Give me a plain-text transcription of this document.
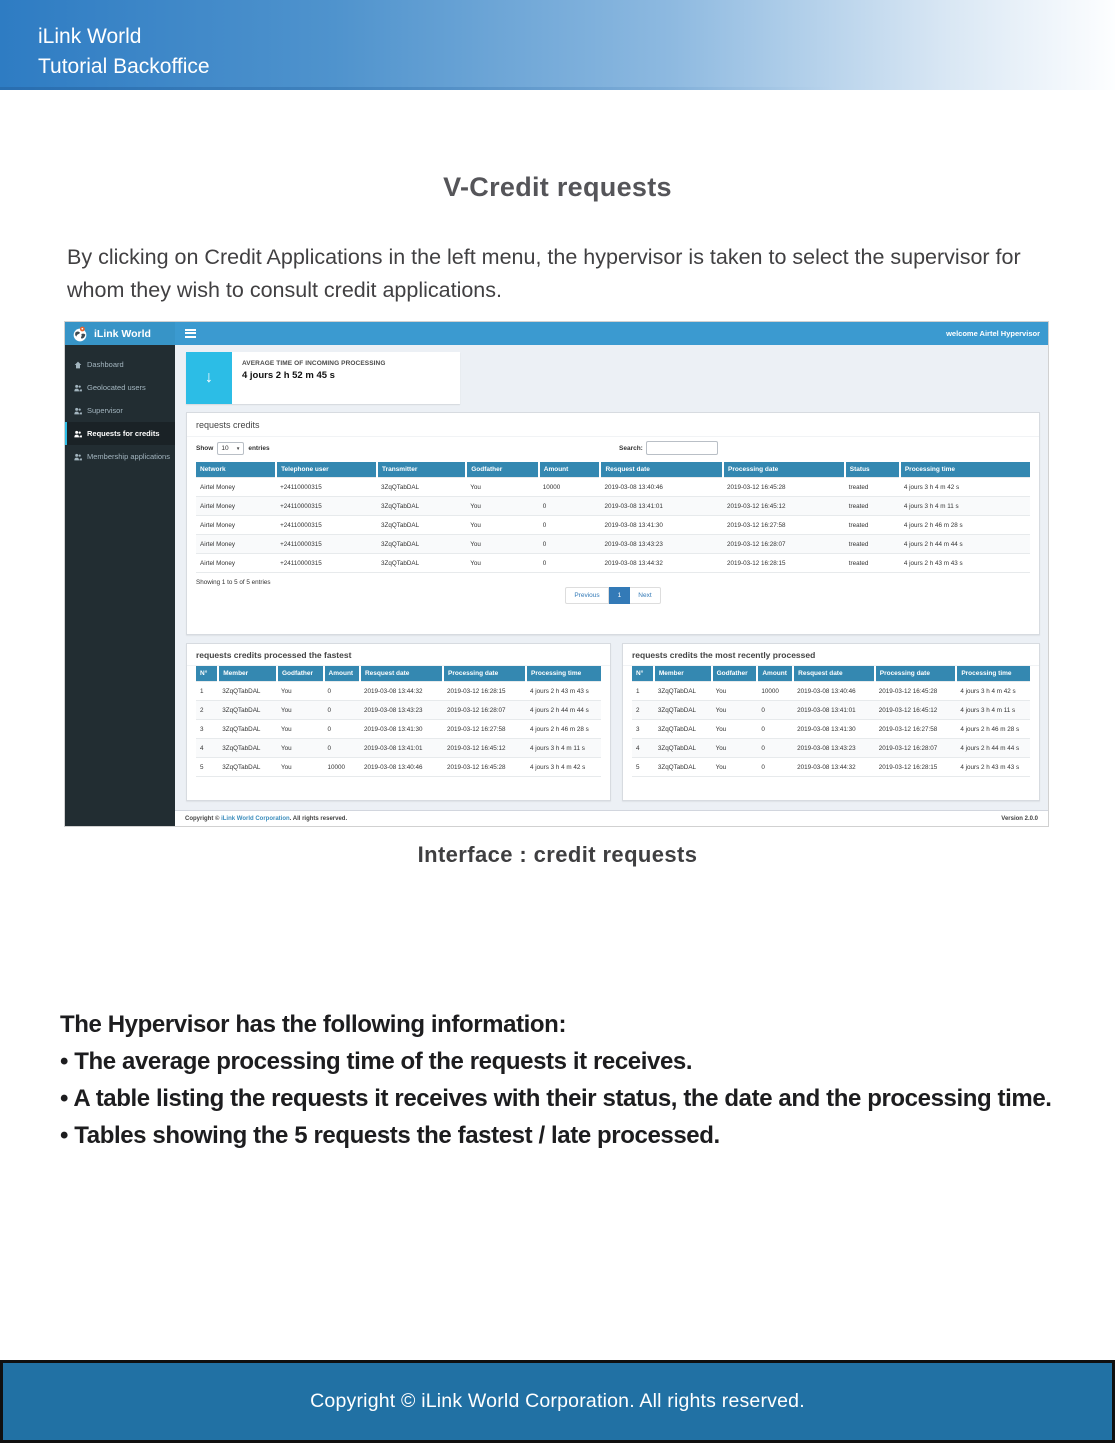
iLink World
Tutorial Backoffice
V-Credit requests
By clicking on Credit Applications in the left menu, the hypervisor is taken to select the supervisor for whom they wish to consult credit applications.
iLink World	welcome Airtel Hypervisor
Dashboard
Geolocated users
Supervisor
Requests for credits
Membership applications
↓
AVERAGE TIME OF INCOMING PROCESSING
4 jours 2 h 52 m 45 s
requests credits
Show 10 ▼ entries	Search:
Network	Telephone user	Transmitter	Godfather	Amount	Resquest date	Processing date	Status	Processing time
Airtel Money	+24110000315	3ZqQTabDAL	You	10000	2019-03-08 13:40:46	2019-03-12 16:45:28	treated	4 jours 3 h 4 m 42 s
Airtel Money	+24110000315	3ZqQTabDAL	You	0	2019-03-08 13:41:01	2019-03-12 16:45:12	treated	4 jours 3 h 4 m 11 s
Airtel Money	+24110000315	3ZqQTabDAL	You	0	2019-03-08 13:41:30	2019-03-12 16:27:58	treated	4 jours 2 h 46 m 28 s
Airtel Money	+24110000315	3ZqQTabDAL	You	0	2019-03-08 13:43:23	2019-03-12 16:28:07	treated	4 jours 2 h 44 m 44 s
Airtel Money	+24110000315	3ZqQTabDAL	You	0	2019-03-08 13:44:32	2019-03-12 16:28:15	treated	4 jours 2 h 43 m 43 s
Showing 1 to 5 of 5 entries
Previous	1	Next
requests credits processed the fastest
N°	Member	Godfather	Amount	Resquest date	Processing date	Processing time
1	3ZqQTabDAL	You	0	2019-03-08 13:44:32	2019-03-12 16:28:15	4 jours 2 h 43 m 43 s
2	3ZqQTabDAL	You	0	2019-03-08 13:43:23	2019-03-12 16:28:07	4 jours 2 h 44 m 44 s
3	3ZqQTabDAL	You	0	2019-03-08 13:41:30	2019-03-12 16:27:58	4 jours 2 h 46 m 28 s
4	3ZqQTabDAL	You	0	2019-03-08 13:41:01	2019-03-12 16:45:12	4 jours 3 h 4 m 11 s
5	3ZqQTabDAL	You	10000	2019-03-08 13:40:46	2019-03-12 16:45:28	4 jours 3 h 4 m 42 s
requests credits the most recently processed
N°	Member	Godfather	Amount	Resquest date	Processing date	Processing time
1	3ZqQTabDAL	You	10000	2019-03-08 13:40:46	2019-03-12 16:45:28	4 jours 3 h 4 m 42 s
2	3ZqQTabDAL	You	0	2019-03-08 13:41:01	2019-03-12 16:45:12	4 jours 3 h 4 m 11 s
3	3ZqQTabDAL	You	0	2019-03-08 13:41:30	2019-03-12 16:27:58	4 jours 2 h 46 m 28 s
4	3ZqQTabDAL	You	0	2019-03-08 13:43:23	2019-03-12 16:28:07	4 jours 2 h 44 m 44 s
5	3ZqQTabDAL	You	0	2019-03-08 13:44:32	2019-03-12 16:28:15	4 jours 2 h 43 m 43 s
Copyright © iLink World Corporation. All rights reserved.	Version 2.0.0
Interface : credit requests
The Hypervisor has the following information:
• The average processing time of the requests it receives.
• A table listing the requests it receives with their status, the date and the processing time.
• Tables showing the 5 requests the fastest / late processed.
Copyright © iLink World Corporation. All rights reserved.
